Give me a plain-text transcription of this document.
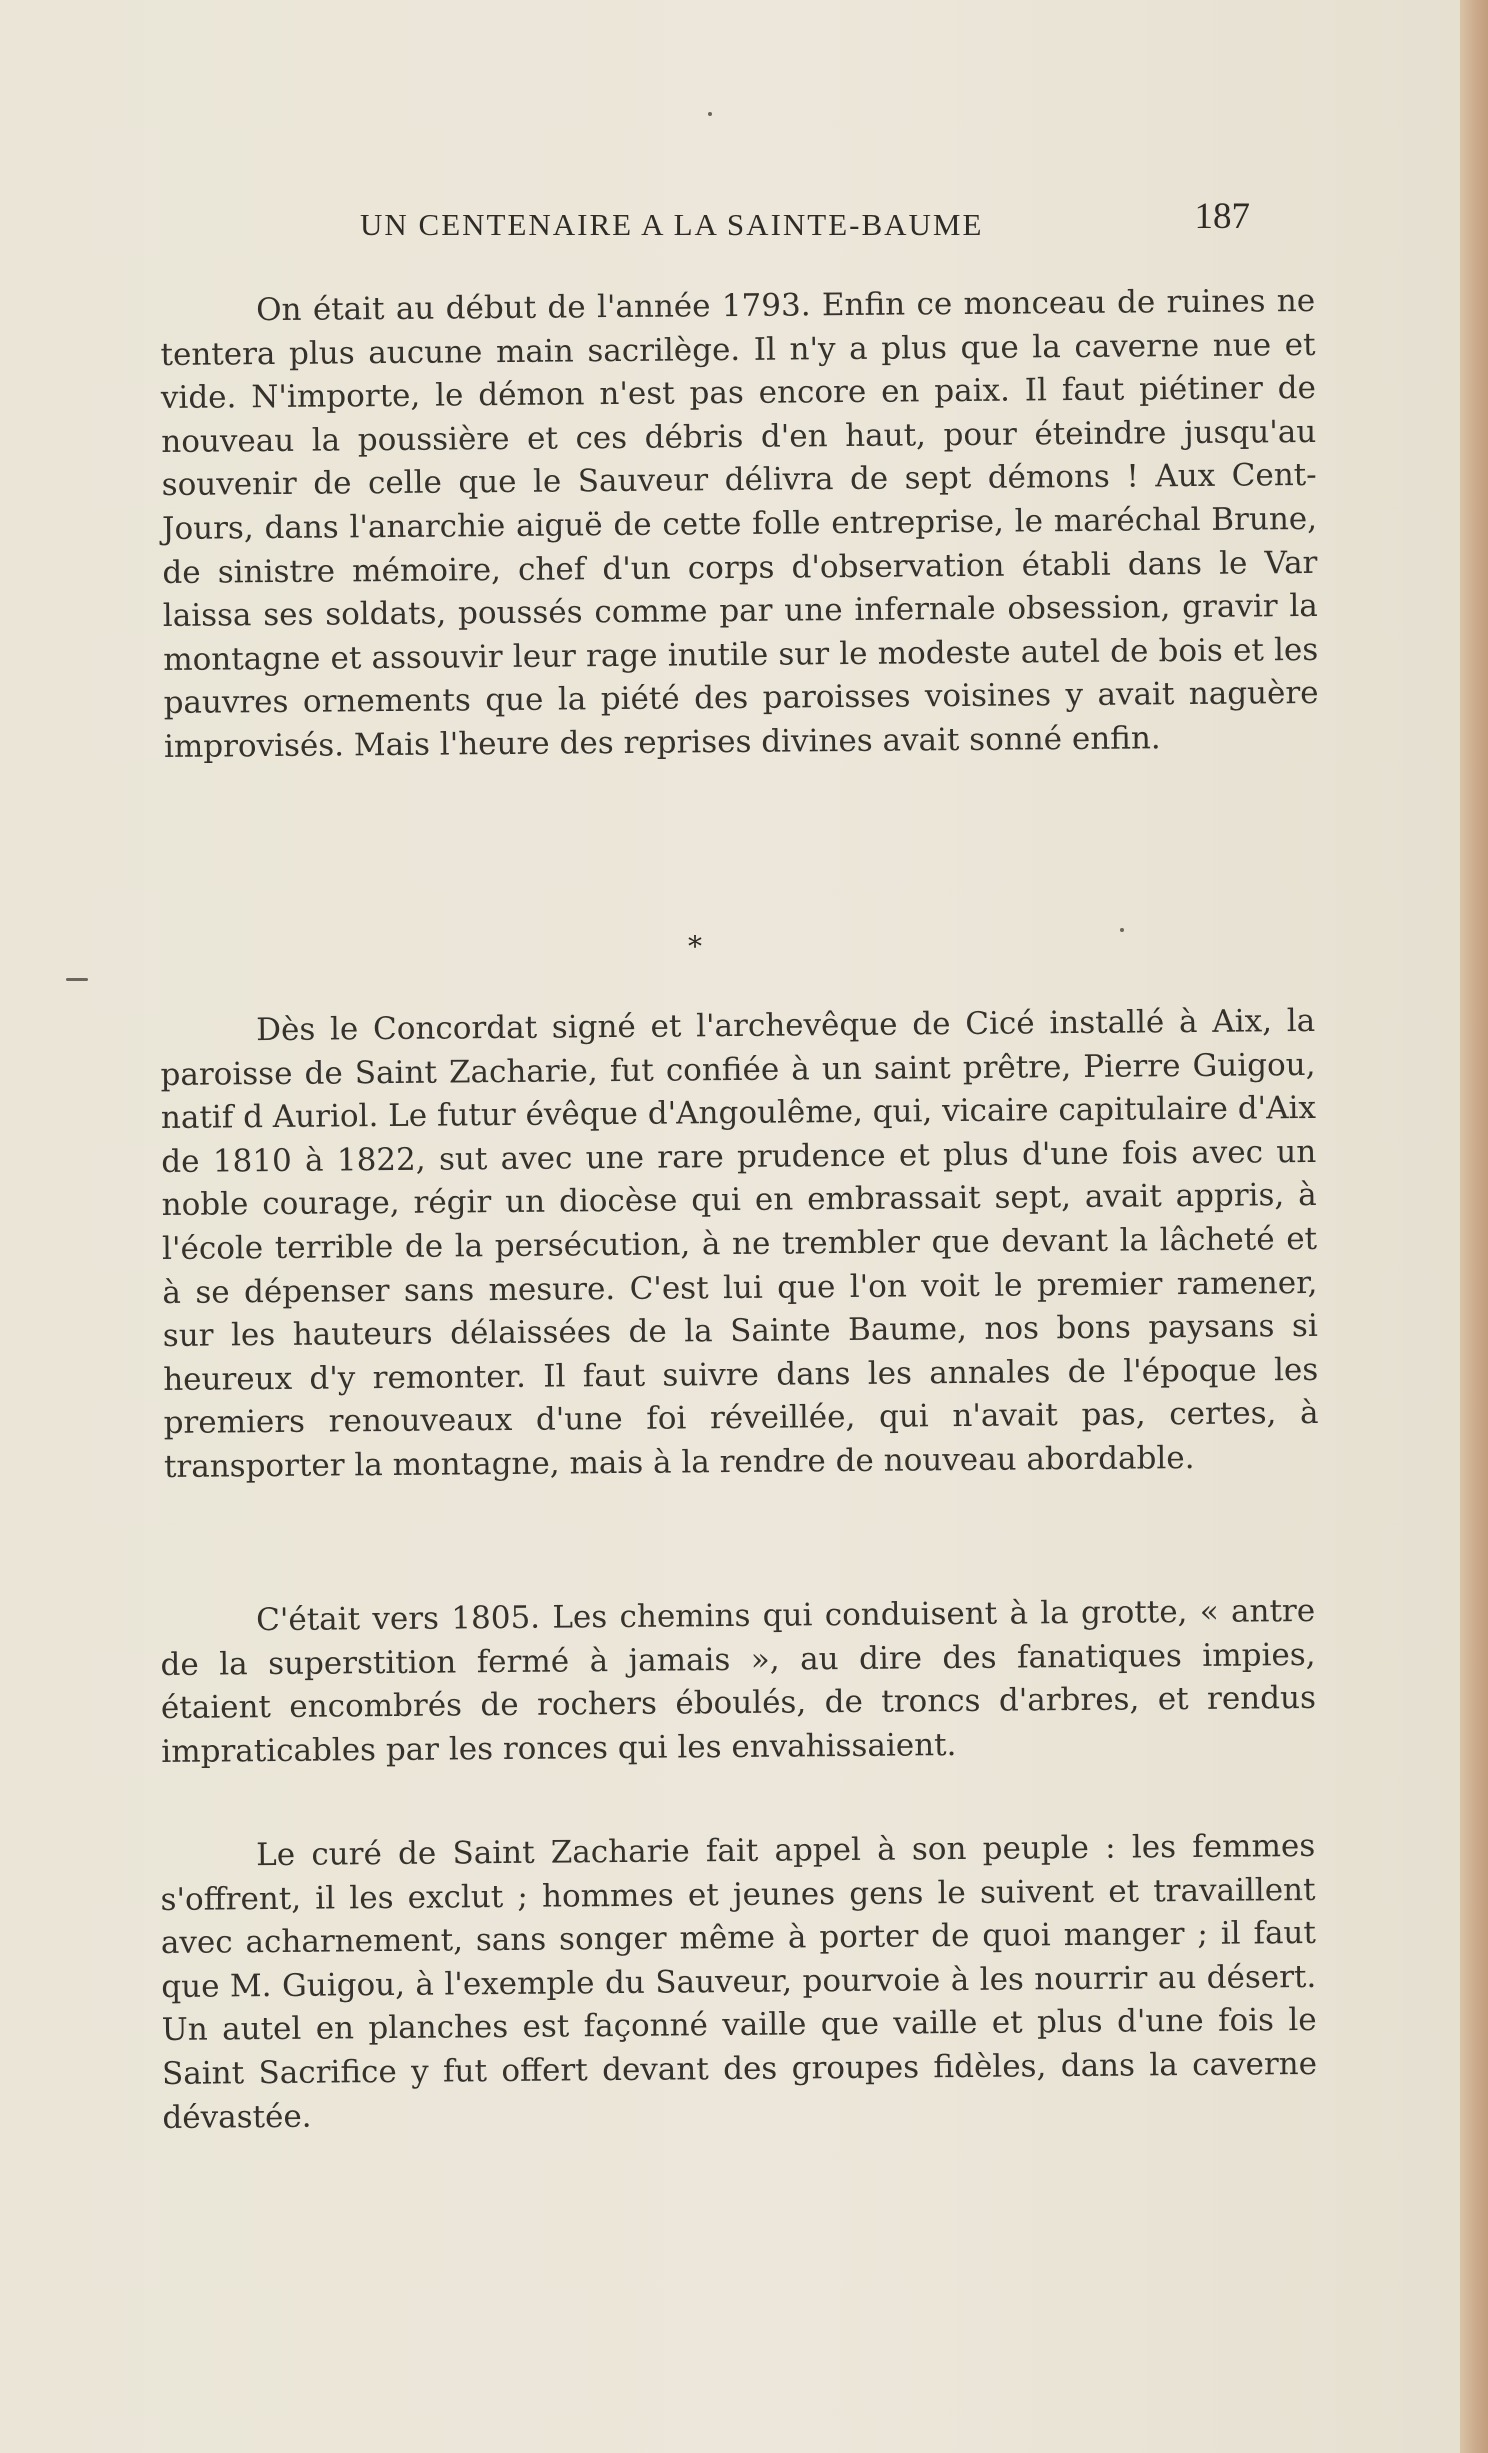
UN CENTENAIRE A LA SAINTE-BAUME	187

On était au début de l'année 1793. Enfin ce monceau de ruines ne tentera plus aucune main sacrilège. Il n'y a plus que la caverne nue et vide. N'importe, le démon n'est pas encore en paix. Il faut piétiner de nouveau la poussière et ces débris d'en haut, pour éteindre jusqu'au souvenir de celle que le Sauveur délivra de sept démons ! Aux Cent-Jours, dans l'anarchie aiguë de cette folle entreprise, le maréchal Brune, de sinistre mémoire, chef d'un corps d'observation établi dans le Var laissa ses soldats, poussés comme par une infernale obsession, gravir la montagne et assouvir leur rage inutile sur le modeste autel de bois et les pauvres ornements que la piété des paroisses voisines y avait naguère improvisés. Mais l'heure des reprises divines avait sonné enfin.

*

Dès le Concordat signé et l'archevêque de Cicé installé à Aix, la paroisse de Saint Zacharie, fut confiée à un saint prêtre, Pierre Guigou, natif d Auriol. Le futur évêque d'Angoulême, qui, vicaire capitulaire d'Aix de 1810 à 1822, sut avec une rare prudence et plus d'une fois avec un noble courage, régir un diocèse qui en embrassait sept, avait appris, à l'école terrible de la persécution, à ne trembler que devant la lâcheté et à se dépenser sans mesure. C'est lui que l'on voit le premier ramener, sur les hauteurs délaissées de la Sainte Baume, nos bons paysans si heureux d'y remonter. Il faut suivre dans les annales de l'époque les premiers renouveaux d'une foi réveillée, qui n'avait pas, certes, à transporter la montagne, mais à la rendre de nouveau abordable.

C'était vers 1805. Les chemins qui conduisent à la grotte, « antre de la superstition fermé à jamais », au dire des fanatiques impies, étaient encombrés de rochers éboulés, de troncs d'arbres, et rendus impraticables par les ronces qui les envahissaient.

Le curé de Saint Zacharie fait appel à son peuple : les femmes s'offrent, il les exclut ; hommes et jeunes gens le suivent et travaillent avec acharnement, sans songer même à porter de quoi manger ; il faut que M. Guigou, à l'exemple du Sauveur, pourvoie à les nourrir au désert. Un autel en planches est façonné vaille que vaille et plus d'une fois le Saint Sacrifice y fut offert devant des groupes fidèles, dans la caverne dévastée.
